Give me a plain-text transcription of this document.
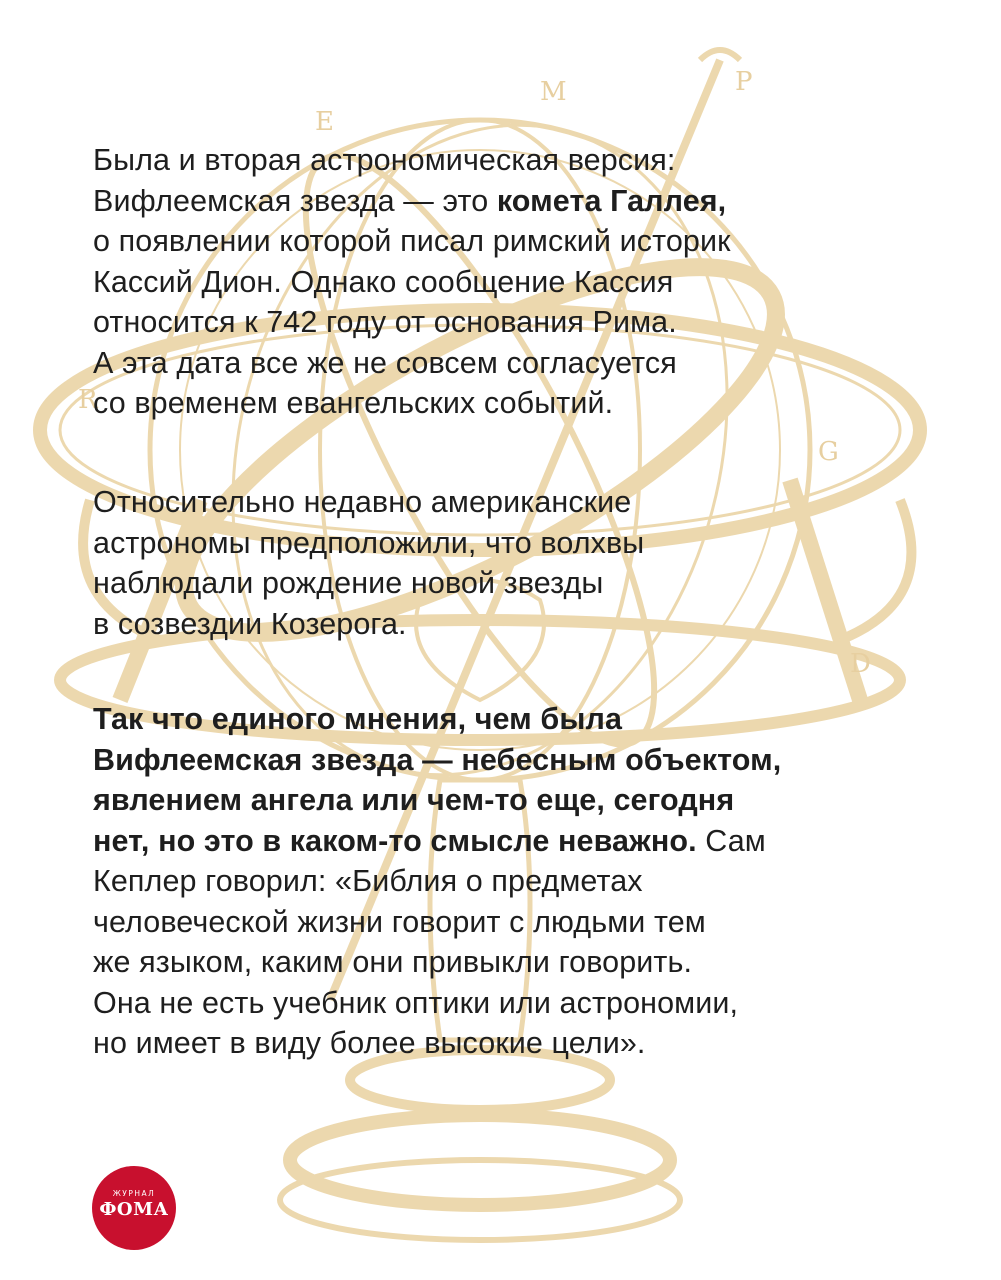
M	P
E
R
G
D
Была и вторая астрономическая версия:
Вифлеемская звезда — это комета Галлея,
о появлении которой писал римский историк
Кассий Дион. Однако сообщение Кассия
относится к 742 году от основания Рима.
А эта дата все же не совсем согласуется
со временем евангельских событий.
Относительно недавно американские
астрономы предположили, что волхвы
наблюдали рождение новой звезды
в созвездии Козерога.
Так что единого мнения, чем была
Вифлеемская звезда — небесным объектом,
явлением ангела или чем-то еще, сегодня
нет, но это в каком-то смысле неважно. Сам
Кеплер говорил: «Библия о предметах
человеческой жизни говорит с людьми тем
же языком, каким они привыкли говорить.
Она не есть учебник оптики или астрономии,
но имеет в виду более высокие цели».
ЖУРНАЛ
ФОМА
